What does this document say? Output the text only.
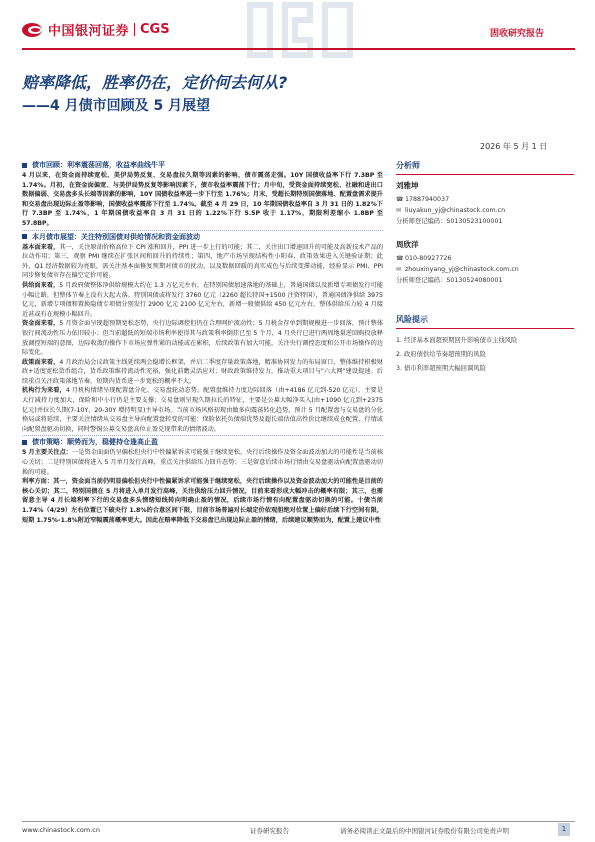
中国银河证券 CGS	固收研究报告
赔率降低，胜率仍在，定价何去何从?
——4 月债市回顾及 5 月展望
2026 年 5 月 1 日
债市回顾：利率震荡回落，收益率曲线牛平

4 月以来，在资金面持续宽松、美伊局势反复、交易盘拉久期等因素的影响，债市震荡走强。10Y 国债收益率下行 7.3BP 至 1.74%。月初，在资金面偏宽、与美伊局势反复等影响因素下，债市收益率震荡下行；月中旬，受资金面持续宽松、社融和进出口数据偏弱、交易盘多头长端等因素的影响，10Y 国债收益率进一步下行至 1.76%；月末，受超长期特别国债落地、配置盘需求提升和交易盘出现边际止盈等影响，国债收益率震荡下行至 1.74%。截至 4 月 29 日，10 年期国债收益率自 3 月 31 日的 1.82%下行 7.3BP 至 1.74%，1 年期国债收益率自 3 月 31 日的 1.22%下行 5.5P 收于 1.17%，期限利差缩小 1.8BP 至 57.8BP。

本月债市展望：关注特别国债对供给情况和资金面波动

基本面来看，其一，关注原油价格高位下 CPI 涨和回升，PPI 进一步上行的可能；其二，关注出口增速回升的可能及高新技术产品的拉动作用；第三，观察 PMI 继续在扩张区间和回升的持续性；第四，地产市场呈现结构性小阳春，政策效果进入关键验证期；此外，Q1 经济数据较为亮眼，需关注基本面修复预期对债市的扰动，以及数据回暖的真实成色与后续变滞动能，经验显示 PMI、PPI 同步修复债市存在偏空定价可能。

供给面来看，5 月政府债整体净供给规模大约在 1.3 万亿元左右，在特别国债加速落地的基础上，普通国债以及新增专项债发行可能小幅让路，但整体节奏上没有大起大落。特别国债或将发行 3760 亿元（2260 超长特国+1500 注资特国），普通国债净供给 3975 亿元，新增专项债和置换隐债专项债分别发行 2900 亿元 2100 亿元左右，新增一般债供给 450 亿元左右，整体供给压力较 4 月接近甚或有在规模小幅回升。

资金面来看，5 月资金面呈现超预期宽松态势，央行边际调控但仍在合理呵护流动性；5 月税金存单到期规模进一步回落，预计整体银行间流动性压力依旧较小；但当前超低的短端市场利率使得其与政策利率倒挂已至 5 个月，4 月央行已进行两周地量逆回购投放释放调控短端的意图，边际收敛的操作下市场应弹性紧的动能或在累积，后续政策有加大可能，关注央行调控态度和公开市场操作的边际变化。

政策面来看，4 月政治局会议政策主线延续两会稳增长框架，并启二季度存量政策落地，精准协同发力的布局窗口，整体维持积极财政+适度宽松货币组合，货币政策维持流动性充裕，强化前瞻灵活应对；财政政策维持发力，推动重大项目与"六大网"建设提速。后续重点关注政策落地节奏，短期内货币进一步宽松的概率不大。

机构行为来看，4 月机构情绪呈现配置盘分化、交易盘轮动态势。配置盘维持力度边际回落（由+4186 亿元到-520 亿元），主要是大行减持力度加大，保险和中小行仍是主要支撑；交易盘则呈现久期拉长的特征，主要是公募大幅净买入(由+1090 亿元到+2375 亿元)并拉长久期(7-10Y、20-30Y 增持明显)主导市场。当前市场风格初现由做多向震荡转化趋势，预计 5 月配置盘与交易盘的分化格局或将延续，主要关注情绪从交易盘主导向配置盘转变的可能：保险依托负债端优势及超长端估值高性价比继续成仓配置、行情或向配置盘驱动切换，同时警惕公募交易盘高位止盈兑现带来的情绪波动。

债市策略：顺势而为，稳健持仓逢高止盈

5 月主要关注点：一是资金面面仍呈偏松但央行中性偏紧诉求可能强于继续宽松，央行后续操作及资金面波动加大的可能性是当前核心关切；二是特别国债将进入 5 月单月发行高峰，重点关注供给压力回升态势；三是留意后续市场行情由交易盘驱动向配置盘驱动切换的可能。

利率方面：其一，资金面当前仍明显偏松但央行中性偏紧诉求可能强于继续宽松，央行后续操作以及资金波动加大的可能性是目前的核心关切；其二，特别国债在 5 月将进入单月发行高峰，关注供给压力回升情况，目前来看形成大幅冲击的概率有限；其三，也需留意主导 4 月长端利率下行的交易盘多头情绪短线转向明确止盈的情况，后续市场行情有向配置盘驱动切换的可能。十债当前 1.74%（4/29）左右位置已下破央行 1.8%的合意区间下限，目前市场普遍对长端定价依观胆绝对位置上偏好后续下行空间有限，短期 1.75%-1.8%附近窄幅震荡概率更大。因此在赔率降低下交易盘已出现边际止盈的情绪，后续建议顺势而为，配置上建议中性

分析师
刘雅坤
☎ 17887940037
✉ liuyakun_yj@chinastock.com.cn
分析师登记编码： S0130523100001
周欣洋
☎ 010-80927726
✉ zhouxinyang_yj@chinastock.com.cn
分析师登记编码： S0130524080001
风险提示
1. 经济基本面超预期回升影响债市主线风险
2. 政府债供给节奏超预期的风险
3. 债市利率超预期大幅回调风险
www.chinastock.com.cn	证券研究报告	请务必阅读正文最后的中国银河证券股份有限公司免责声明	1
